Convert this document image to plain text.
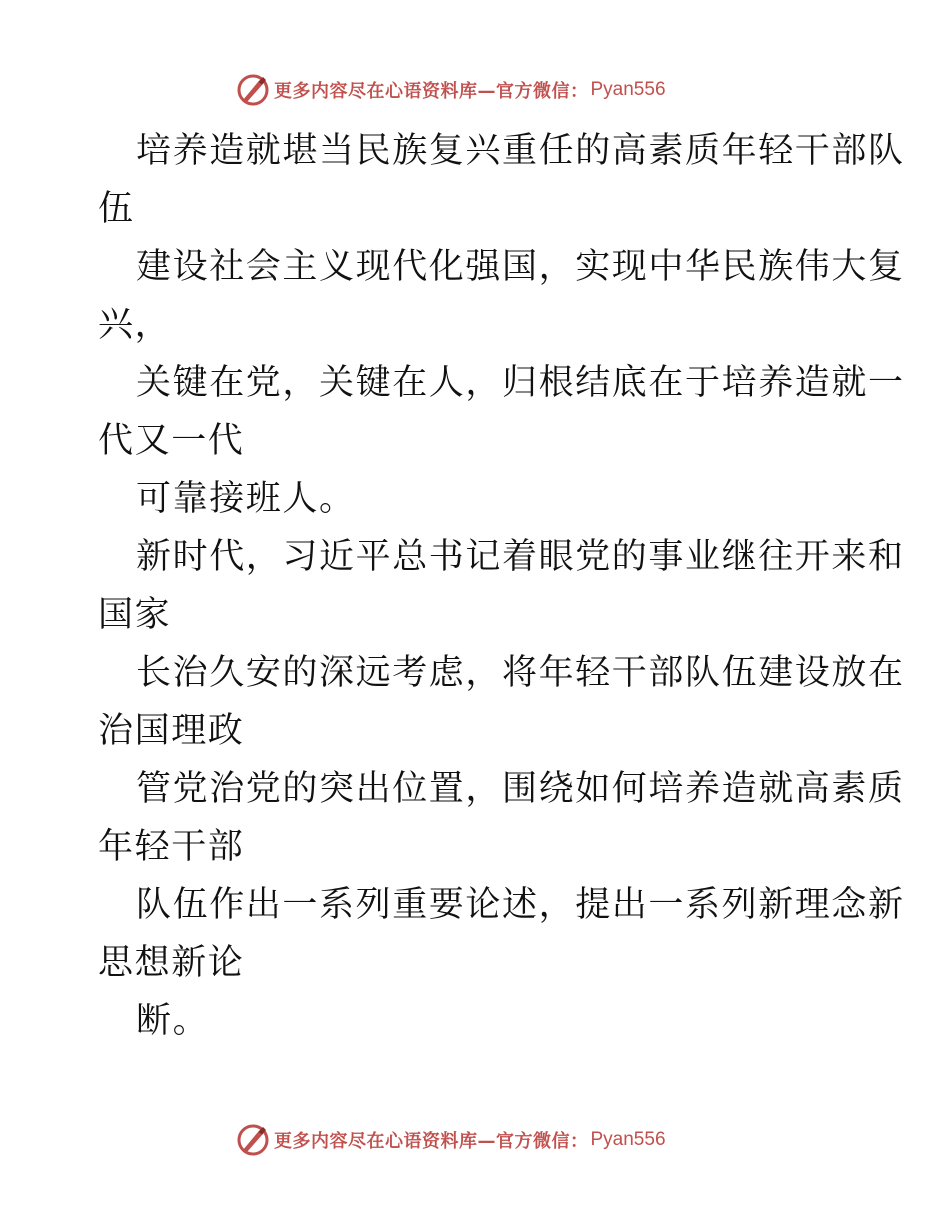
更多内容尽在心语资料库—官方微信： Pyan556
培养造就堪当民族复兴重任的高素质年轻干部队
伍
建设社会主义现代化强国，实现中华民族伟大复
兴，
关键在党，关键在人，归根结底在于培养造就一
代又一代
可靠接班人。
新时代，习近平总书记着眼党的事业继往开来和
国家
长治久安的深远考虑，将年轻干部队伍建设放在
治国理政
管党治党的突出位置，围绕如何培养造就高素质
年轻干部
队伍作出一系列重要论述，提出一系列新理念新
思想新论
断。
更多内容尽在心语资料库—官方微信： Pyan556
